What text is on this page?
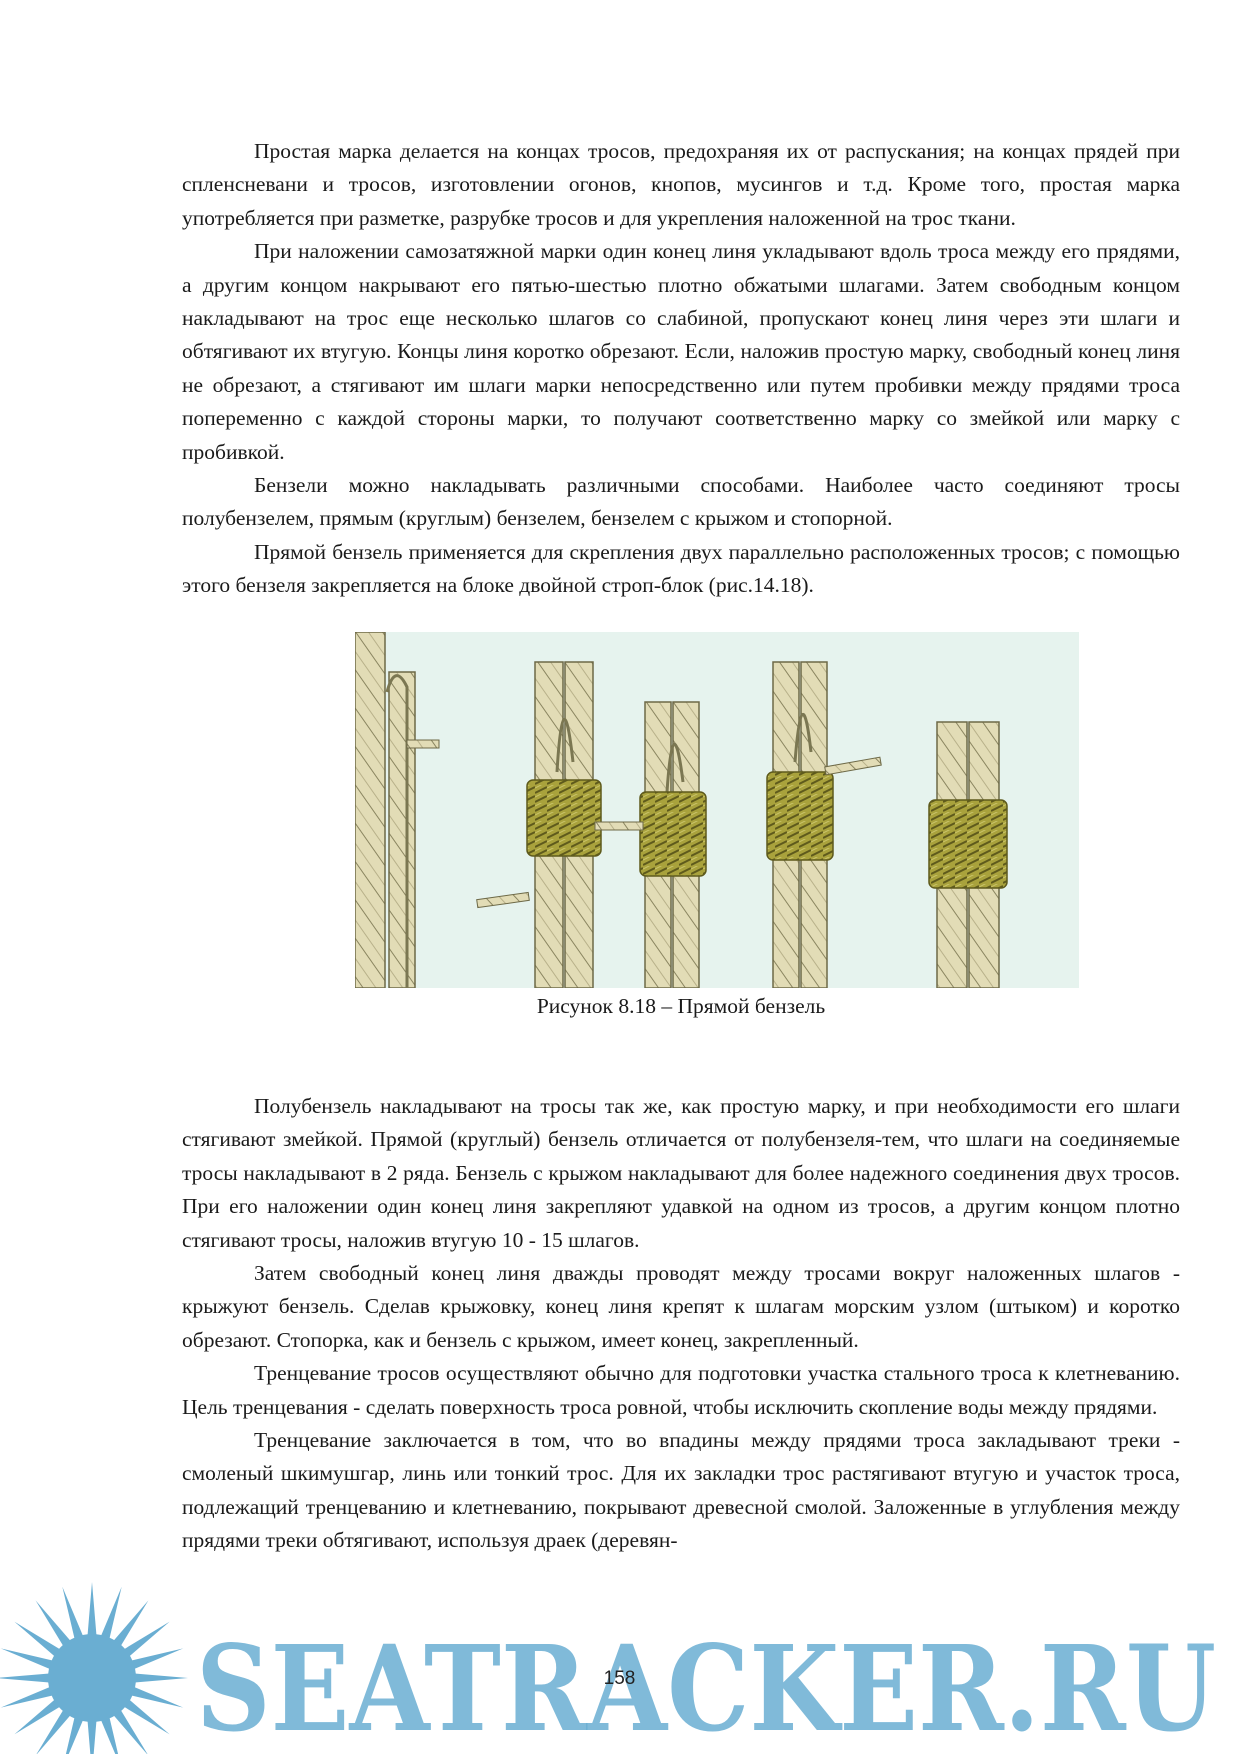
Простая марка делается на концах тросов, предохраняя их от распускания; на концах прядей при спленсневани и тросов, изготовлении огонов, кнопов, мусингов и т.д. Кроме того, простая марка употребляется при разметке, разрубке тросов и для укрепления наложенной на трос ткани.

При наложении самозатяжной марки один конец линя укладывают вдоль троса между его прядями, а другим концом накрывают его пятью-шестью плотно обжатыми шлагами. Затем свободным концом накладывают на трос еще несколько шлагов со слабиной, пропускают конец линя через эти шлаги и обтягивают их втугую. Концы линя коротко обрезают. Если, наложив простую марку, свободный конец линя не обрезают, а стягивают им шлаги марки непосредственно или путем пробивки между прядями троса попеременно с каждой стороны марки, то получают соответственно марку со змейкой или марку с пробивкой.

Бензели можно накладывать различными способами. Наиболее часто соединяют тросы полубензелем, прямым (круглым) бензелем, бензелем с крыжом и стопорной.

Прямой бензель применяется для скрепления двух параллельно расположенных тросов; с помощью этого бензеля закрепляется на блоке двойной строп-блок (рис.14.18).

Рисунок 8.18 – Прямой бензель

Полубензель накладывают на тросы так же, как простую марку, и при необходимости его шлаги стягивают змейкой. Прямой (круглый) бензель отличается от полубензеля-тем, что шлаги на соединяемые тросы накладывают в 2 ряда. Бензель с крыжом накладывают для более надежного соединения двух тросов. При его наложении один конец линя закрепляют удавкой на одном из тросов, а другим концом плотно стягивают тросы, наложив втугую 10 - 15 шлагов.

Затем свободный конец линя дважды проводят между тросами вокруг наложенных шлагов - крыжуют бензель. Сделав крыжовку, конец линя крепят к шлагам морским узлом (штыком) и коротко обрезают. Стопорка, как и бензель с крыжом, имеет конец, закрепленный.

Тренцевание тросов осуществляют обычно для подготовки участка стального троса к клетневанию. Цель тренцевания - сделать поверхность троса ровной, чтобы исключить скопление воды между прядями.

Тренцевание заключается в том, что во впадины между прядями троса закладывают треки - смоленый шкимушгар, линь или тонкий трос. Для их закладки трос растягивают втугую и участок троса, подлежащий тренцеванию и клетневанию, покрывают древесной смолой. Заложенные в углубления между прядями треки обтягивают, используя драек (деревян-

SEATRACKER.RU
158
